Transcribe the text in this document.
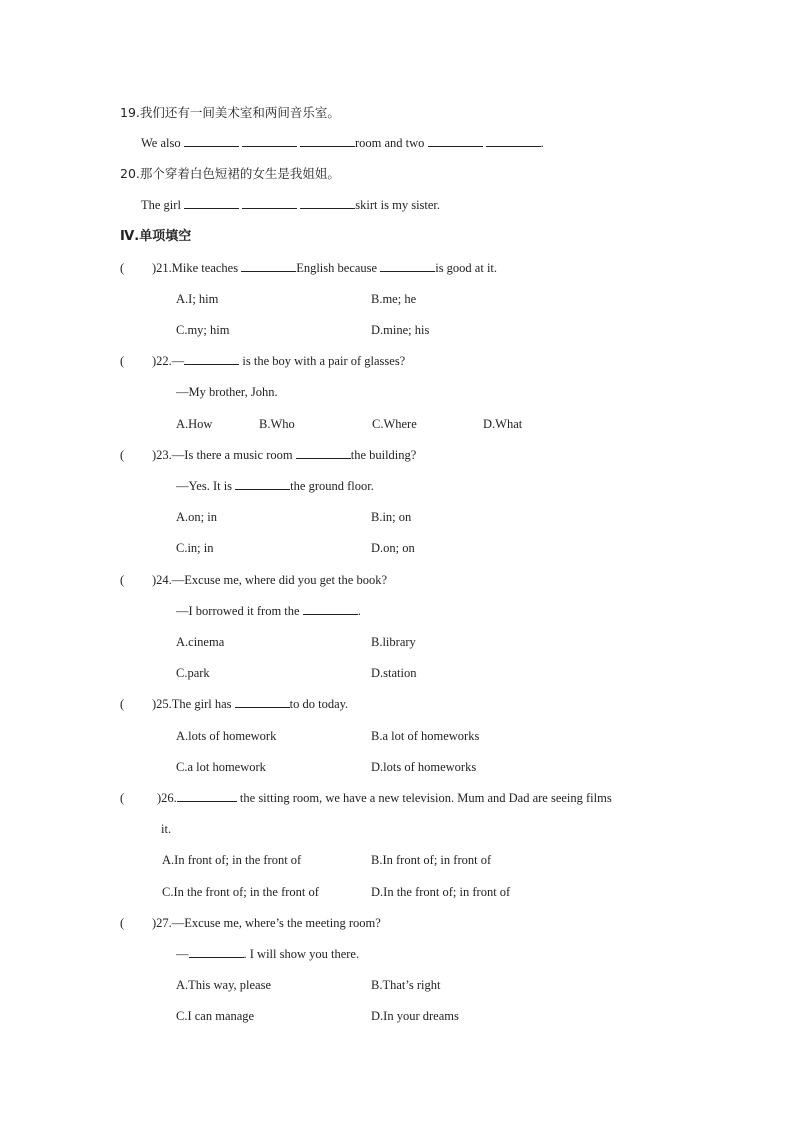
19.我们还有一间美术室和两间音乐室。
We also	room and two	.
20.那个穿着白色短裙的女生是我姐姐。
The girl	skirt is my sister.
Ⅳ.单项填空
( )21.Mike teaches	English because	is good at it.
A.I; him	B.me; he
C.my; him	D.mine; his
( )22.—	is the boy with a pair of glasses?
—My brother, John.
A.How	B.Who	C.Where	D.What
( )23.—Is there a music room	the building?
—Yes. It is	the ground floor.
A.on; in	B.in; on
C.in; in	D.on; on
( )24.—Excuse me, where did you get the book?
—I borrowed it from the	.
A.cinema	B.library
C.park	D.station
( )25.The girl has	to do today.
A.lots of homework	B.a lot of homeworks
C.a lot homework	D.lots of homeworks
(	)26.	the sitting room, we have a new television. Mum and Dad are seeing films
it.
A.In front of; in the front of	B.In front of; in front of
C.In the front of; in the front of	D.In the front of; in front of
( )27.—Excuse me, where’s the meeting room?
—	. I will show you there.
A.This way, please	B.That’s right
C.I can manage	D.In your dreams
